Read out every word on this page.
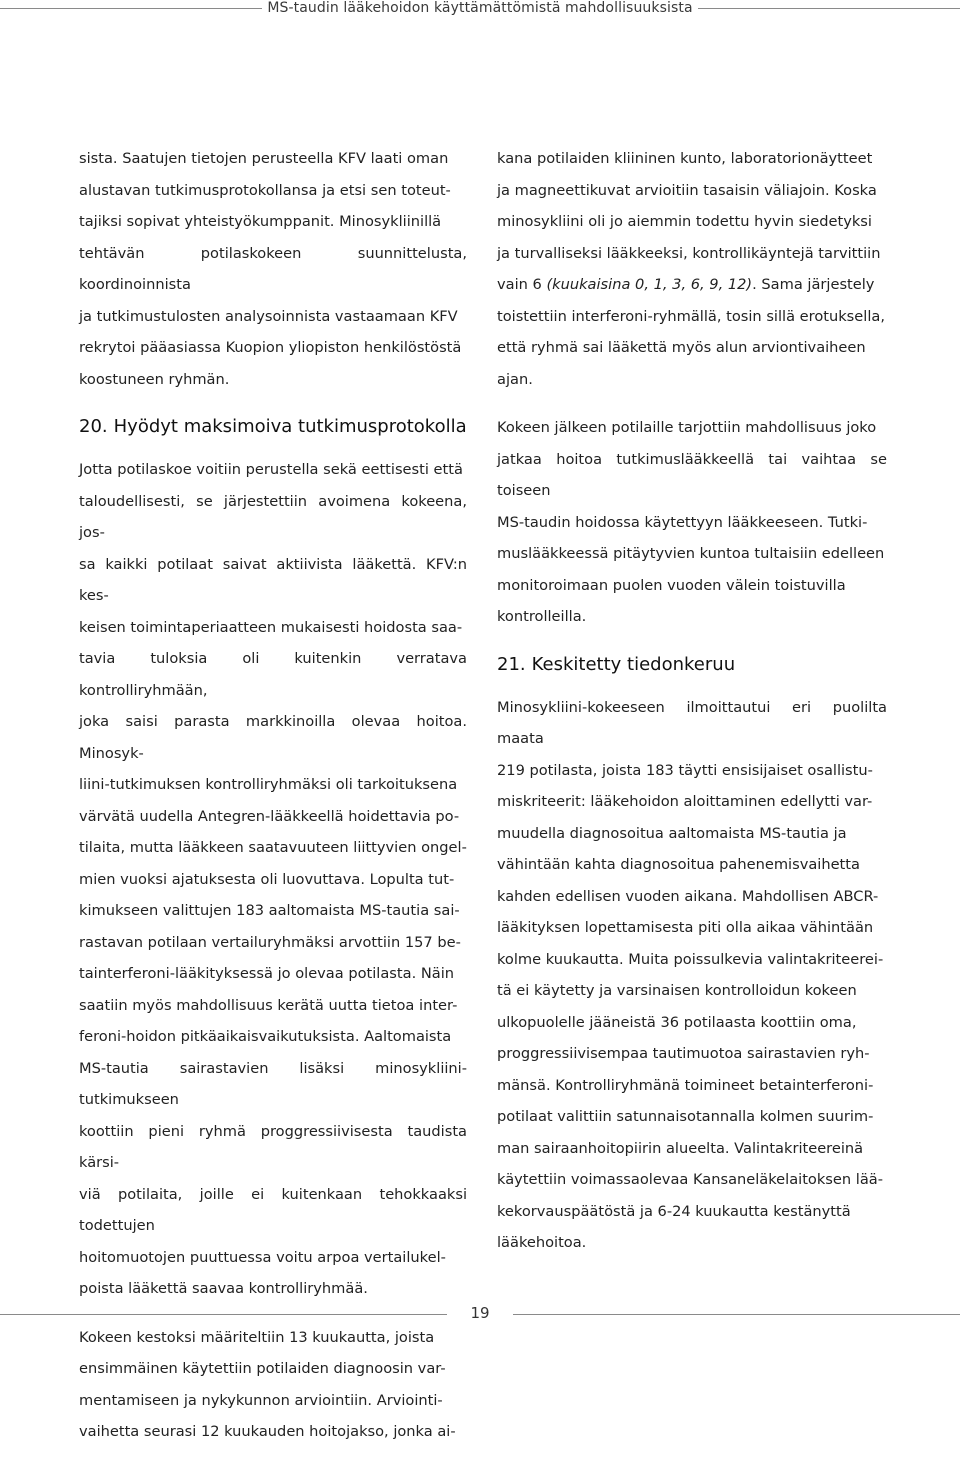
MS-taudin lääkehoidon käyttämättömistä mahdollisuuksista

sista. Saatujen tietojen perusteella KFV laati oman
alustavan tutkimusprotokollansa ja etsi sen toteut-
tajiksi sopivat yhteistyökumppanit. Minosykliinillä
tehtävän potilaskokeen suunnittelusta, koordinoinnista
ja tutkimustulosten analysoinnista vastaamaan KFV
rekrytoi pääasiassa Kuopion yliopiston henkilöstöstä
koostuneen ryhmän.

20. Hyödyt maksimoiva tutkimusprotokolla

Jotta potilaskoe voitiin perustella sekä eettisesti että
taloudellisesti, se järjestettiin avoimena kokeena, jos-
sa kaikki potilaat saivat aktiivista lääkettä. KFV:n kes-
keisen toimintaperiaatteen mukaisesti hoidosta saa-
tavia tuloksia oli kuitenkin verratava kontrolliryhmään,
joka saisi parasta markkinoilla olevaa hoitoa. Minosyk-
liini-tutkimuksen kontrolliryhmäksi oli tarkoituksena
värvätä uudella Antegren-lääkkeellä hoidettavia po-
tilaita, mutta lääkkeen saatavuuteen liittyvien ongel-
mien vuoksi ajatuksesta oli luovuttava. Lopulta tut-
kimukseen valittujen 183 aaltomaista MS-tautia sai-
rastavan potilaan vertailuryhmäksi arvottiin 157 be-
tainterferoni-lääkityksessä jo olevaa potilasta. Näin
saatiin myös mahdollisuus kerätä uutta tietoa inter-
feroni-hoidon pitkäaikaisvaikutuksista. Aaltomaista
MS-tautia sairastavien lisäksi minosykliini-tutkimukseen
koottiin pieni ryhmä proggressiivisesta taudista kärsi-
viä potilaita, joille ei kuitenkaan tehokkaaksi todettujen
hoitomuotojen puuttuessa voitu arpoa vertailukel-
poista lääkettä saavaa kontrolliryhmää.

Kokeen kestoksi määriteltiin 13 kuukautta, joista
ensimmäinen käytettiin potilaiden diagnoosin var-
mentamiseen ja nykykunnon arviointiin. Arviointi-
vaihetta seurasi 12 kuukauden hoitojakso, jonka ai-

kana potilaiden kliininen kunto, laboratorionäytteet
ja magneettikuvat arvioitiin tasaisin väliajoin. Koska
minosykliini oli jo aiemmin todettu hyvin siedetyksi
ja turvalliseksi lääkkeeksi, kontrollikäyntejä tarvittiin
vain 6 (kuukaisina 0, 1, 3, 6, 9, 12). Sama järjestely
toistettiin interferoni-ryhmällä, tosin sillä erotuksella,
että ryhmä sai lääkettä myös alun arviontivaiheen
ajan.

Kokeen jälkeen potilaille tarjottiin mahdollisuus joko
jatkaa hoitoa tutkimuslääkkeellä tai vaihtaa se toiseen
MS-taudin hoidossa käytettyyn lääkkeeseen. Tutki-
muslääkkeessä pitäytyvien kuntoa tultaisiin edelleen
monitoroimaan puolen vuoden välein toistuvilla
kontrolleilla.

21. Keskitetty tiedonkeruu

Minosykliini-kokeeseen ilmoittautui eri puolilta maata
219 potilasta, joista 183 täytti ensisijaiset osallistu-
miskriteerit: lääkehoidon aloittaminen edellytti var-
muudella diagnosoitua aaltomaista MS-tautia ja
vähintään kahta diagnosoitua pahenemisvaihetta
kahden edellisen vuoden aikana. Mahdollisen ABCR-
lääkityksen lopettamisesta piti olla aikaa vähintään
kolme kuukautta. Muita poissulkevia valintakriteerei-
tä ei käytetty ja varsinaisen kontrolloidun kokeen
ulkopuolelle jääneistä 36 potilaasta koottiin oma,
proggressiivisempaa tautimuotoa sairastavien ryh-
mänsä. Kontrolliryhmänä toimineet betainterferoni-
potilaat valittiin satunnaisotannalla kolmen suurim-
man sairaanhoitopiirin alueelta. Valintakriteereinä
käytettiin voimassaolevaa Kansaneläkelaitoksen lää-
kekorvauspäätöstä ja 6-24 kuukautta kestänyttä
lääkehoitoa.

19
